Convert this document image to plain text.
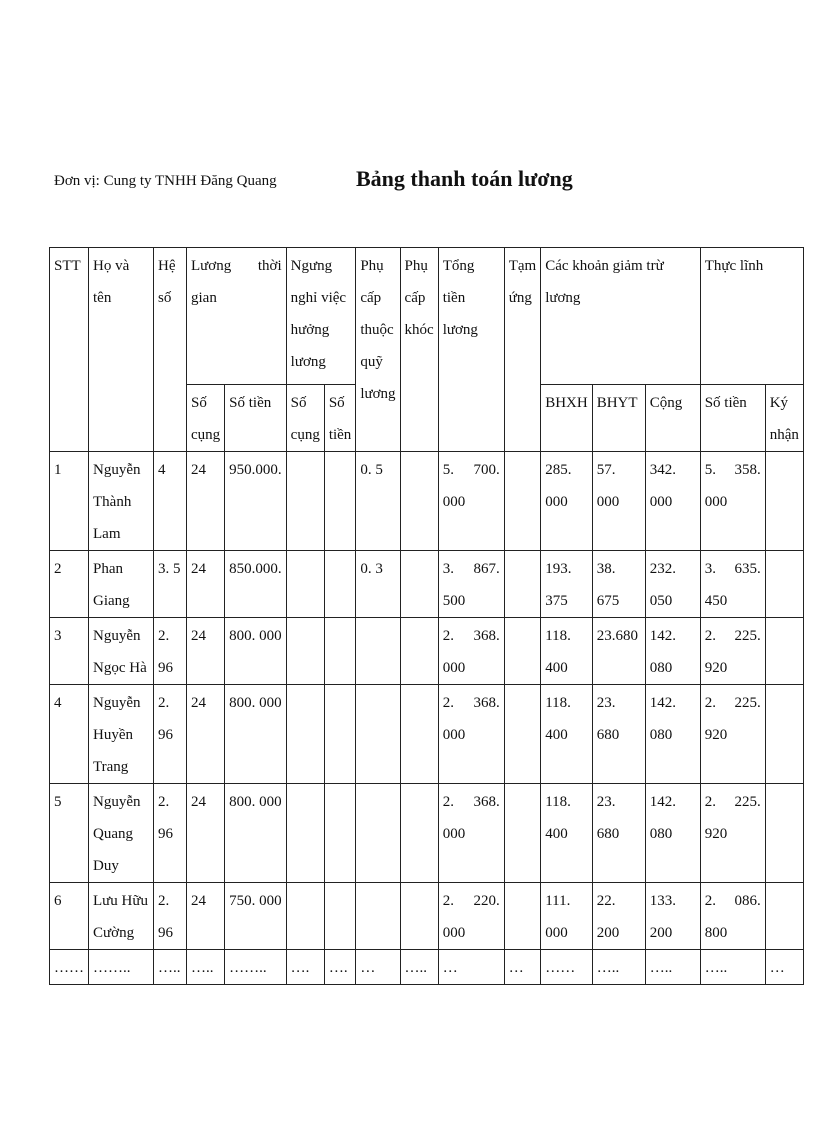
Đơn vị: Cung ty TNHH Đăng Quang	Bảng thanh toán lương
STT	Họ và tên	Hệ số	Lương thời gian		Ngưng nghỉ việc hưởng lương		Phụ cấp thuộc quỹ lương	Phụ cấp khóc	Tổng tiền lương	Tạm ứng	Các khoản giảm trừ lương			Thực lĩnh	
			Số cụng	Số tiền	Số cụng	Số tiền					BHXH	BHYT	Cộng	Số tiền	Ký nhận
1	Nguyễn Thành Lam	4	24	950.000.			0. 5		5. 700. 000		285. 000	57. 000	342. 000	5. 358. 000	
2	Phan Giang	3. 5	24	850.000.			0. 3		3. 867. 500		193. 375	38. 675	232. 050	3. 635. 450	
3	Nguyễn Ngọc Hà	2. 96	24	800. 000					2. 368. 000		118. 400	23.680	142. 080	2. 225. 920	
4	Nguyễn Huyền Trang	2. 96	24	800. 000					2. 368. 000		118. 400	23. 680	142. 080	2. 225. 920	
5	Nguyễn Quang Duy	2. 96	24	800. 000					2. 368. 000		118. 400	23. 680	142. 080	2. 225. 920	
6	Lưu Hữu Cường	2. 96	24	750. 000					2. 220. 000		111. 000	22. 200	133. 200	2. 086. 800	
……	……..	…..	…..	……..	….	….	…	…..	…	…	……	…..	…..	…..	…
